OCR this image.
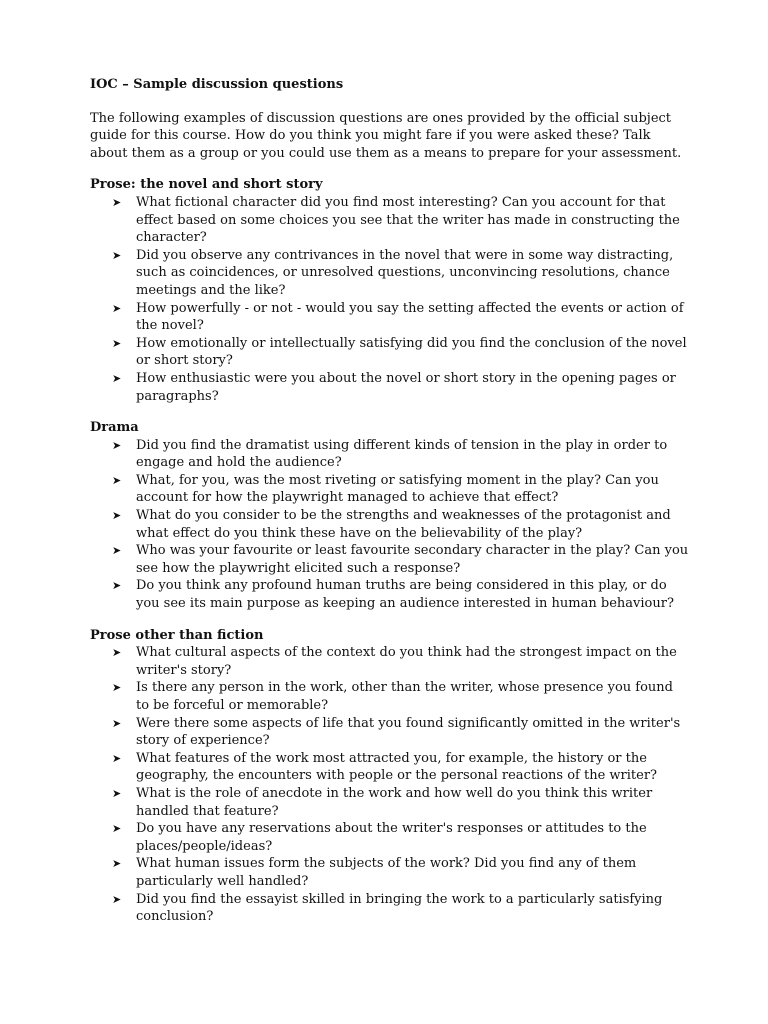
IOC – Sample discussion questions

The following examples of discussion questions are ones provided by the official subject guide for this course. How do you think you might fare if you were asked these? Talk about them as a group or you could use them as a means to prepare for your assessment.

Prose: the novel and short story

➤ What fictional character did you find most interesting? Can you account for that effect based on some choices you see that the writer has made in constructing the character?
➤ Did you observe any contrivances in the novel that were in some way distracting, such as coincidences, or unresolved questions, unconvincing resolutions, chance meetings and the like?
➤ How powerfully - or not - would you say the setting affected the events or action of the novel?
➤ How emotionally or intellectually satisfying did you find the conclusion of the novel or short story?
➤ How enthusiastic were you about the novel or short story in the opening pages or paragraphs?

Drama

➤ Did you find the dramatist using different kinds of tension in the play in order to engage and hold the audience?
➤ What, for you, was the most riveting or satisfying moment in the play? Can you account for how the playwright managed to achieve that effect?
➤ What do you consider to be the strengths and weaknesses of the protagonist and what effect do you think these have on the believability of the play?
➤ Who was your favourite or least favourite secondary character in the play? Can you see how the playwright elicited such a response?
➤ Do you think any profound human truths are being considered in this play, or do you see its main purpose as keeping an audience interested in human behaviour?

Prose other than fiction

➤ What cultural aspects of the context do you think had the strongest impact on the writer's story?
➤ Is there any person in the work, other than the writer, whose presence you found to be forceful or memorable?
➤ Were there some aspects of life that you found significantly omitted in the writer's story of experience?
➤ What features of the work most attracted you, for example, the history or the geography, the encounters with people or the personal reactions of the writer?
➤ What is the role of anecdote in the work and how well do you think this writer handled that feature?
➤ Do you have any reservations about the writer's responses or attitudes to the places/people/ideas?
➤ What human issues form the subjects of the work? Did you find any of them particularly well handled?
➤ Did you find the essayist skilled in bringing the work to a particularly satisfying conclusion?
